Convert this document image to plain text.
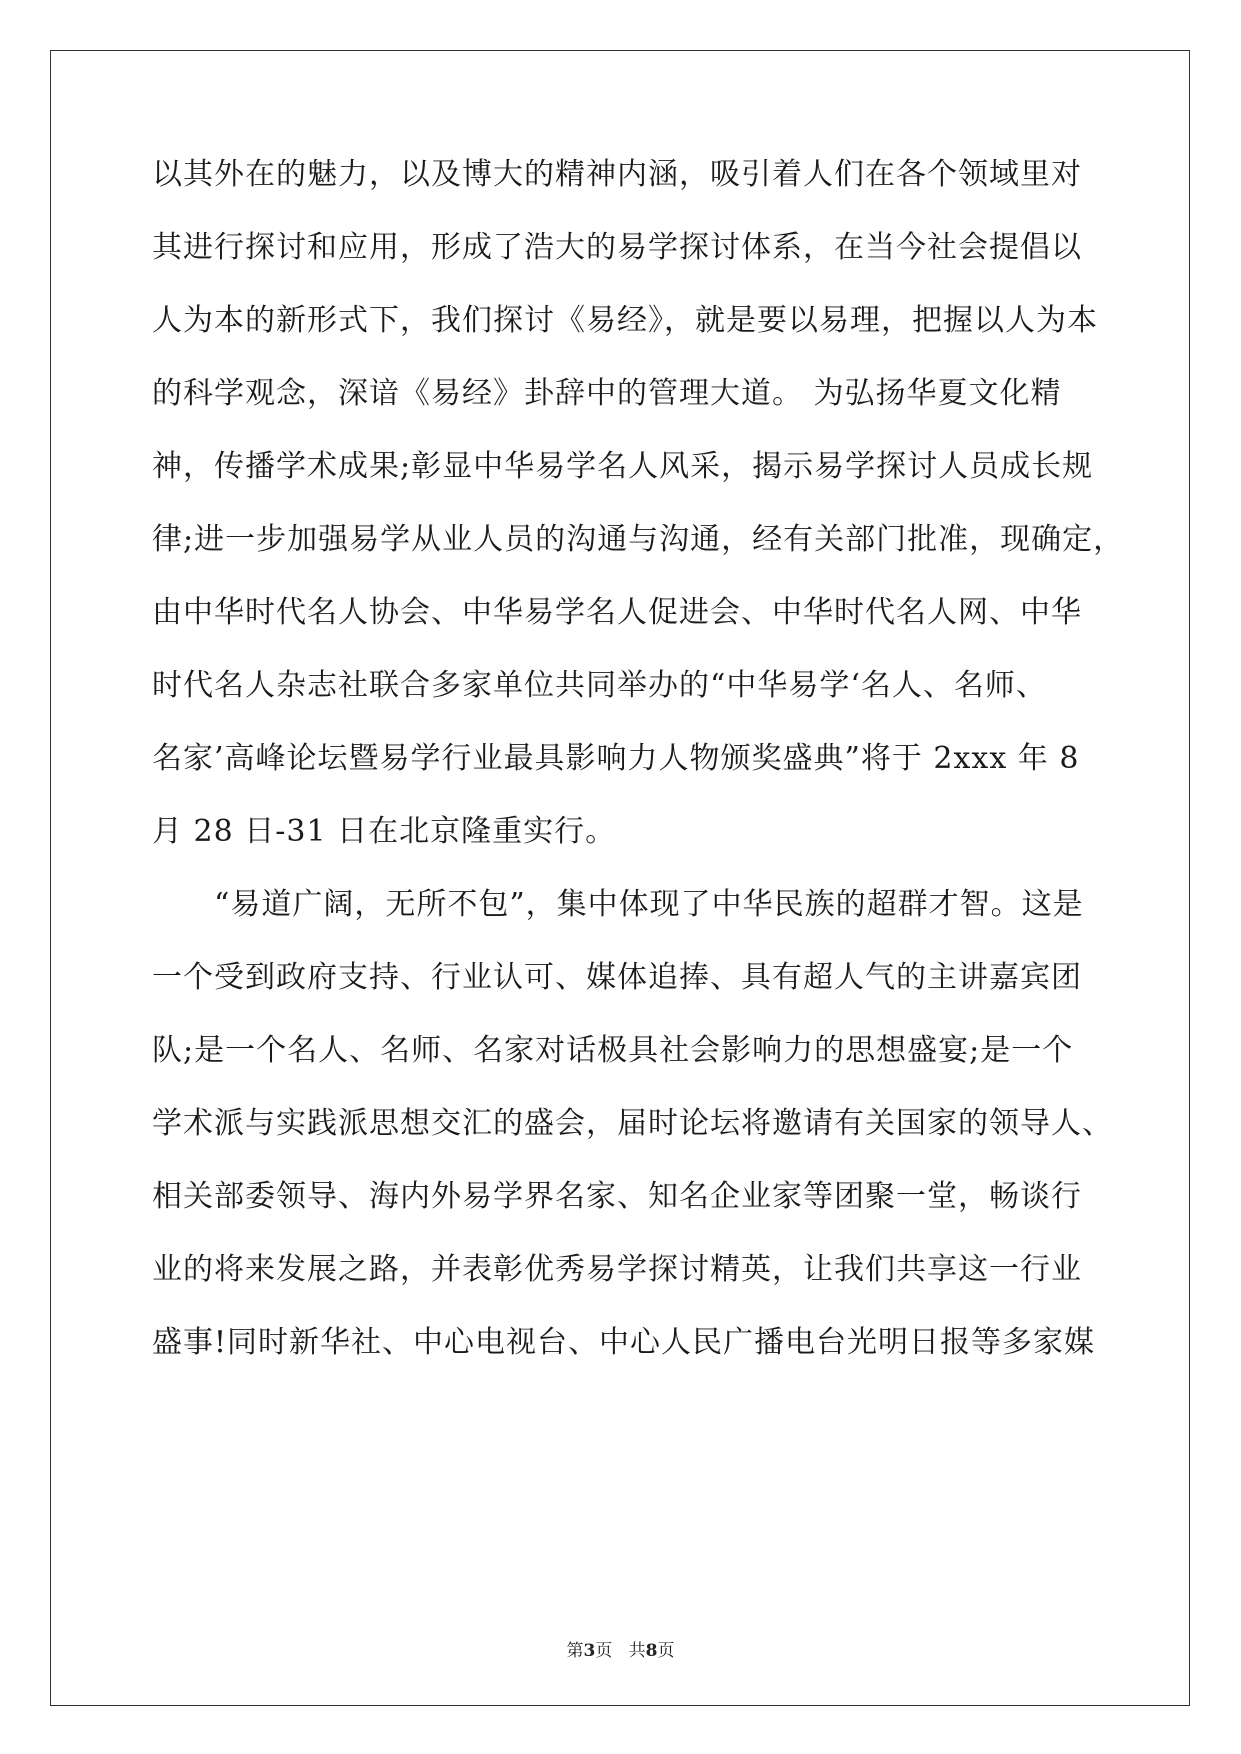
以其外在的魅力，以及博大的精神内涵，吸引着人们在各个领域里对
其进行探讨和应用，形成了浩大的易学探讨体系，在当今社会提倡以
人为本的新形式下，我们探讨《易经》，就是要以易理，把握以人为本
的科学观念，深谙《易经》卦辞中的管理大道。 为弘扬华夏文化精
神，传播学术成果;彰显中华易学名人风采，揭示易学探讨人员成长规
律;进一步加强易学从业人员的沟通与沟通，经有关部门批准，现确定，
由中华时代名人协会、中华易学名人促进会、中华时代名人网、中华
时代名人杂志社联合多家单位共同举办的“中华易学‘名人、名师、
名家’高峰论坛暨易学行业最具影响力人物颁奖盛典”将于 2xxx 年 8
月 28 日-31 日在北京隆重实行。
“易道广阔，无所不包”，集中体现了中华民族的超群才智。这是
一个受到政府支持、行业认可、媒体追捧、具有超人气的主讲嘉宾团
队;是一个名人、名师、名家对话极具社会影响力的思想盛宴;是一个
学术派与实践派思想交汇的盛会，届时论坛将邀请有关国家的领导人、
相关部委领导、海内外易学界名家、知名企业家等团聚一堂，畅谈行
业的将来发展之路，并表彰优秀易学探讨精英，让我们共享这一行业
盛事!同时新华社、中心电视台、中心人民广播电台光明日报等多家媒
第3页 共8页
